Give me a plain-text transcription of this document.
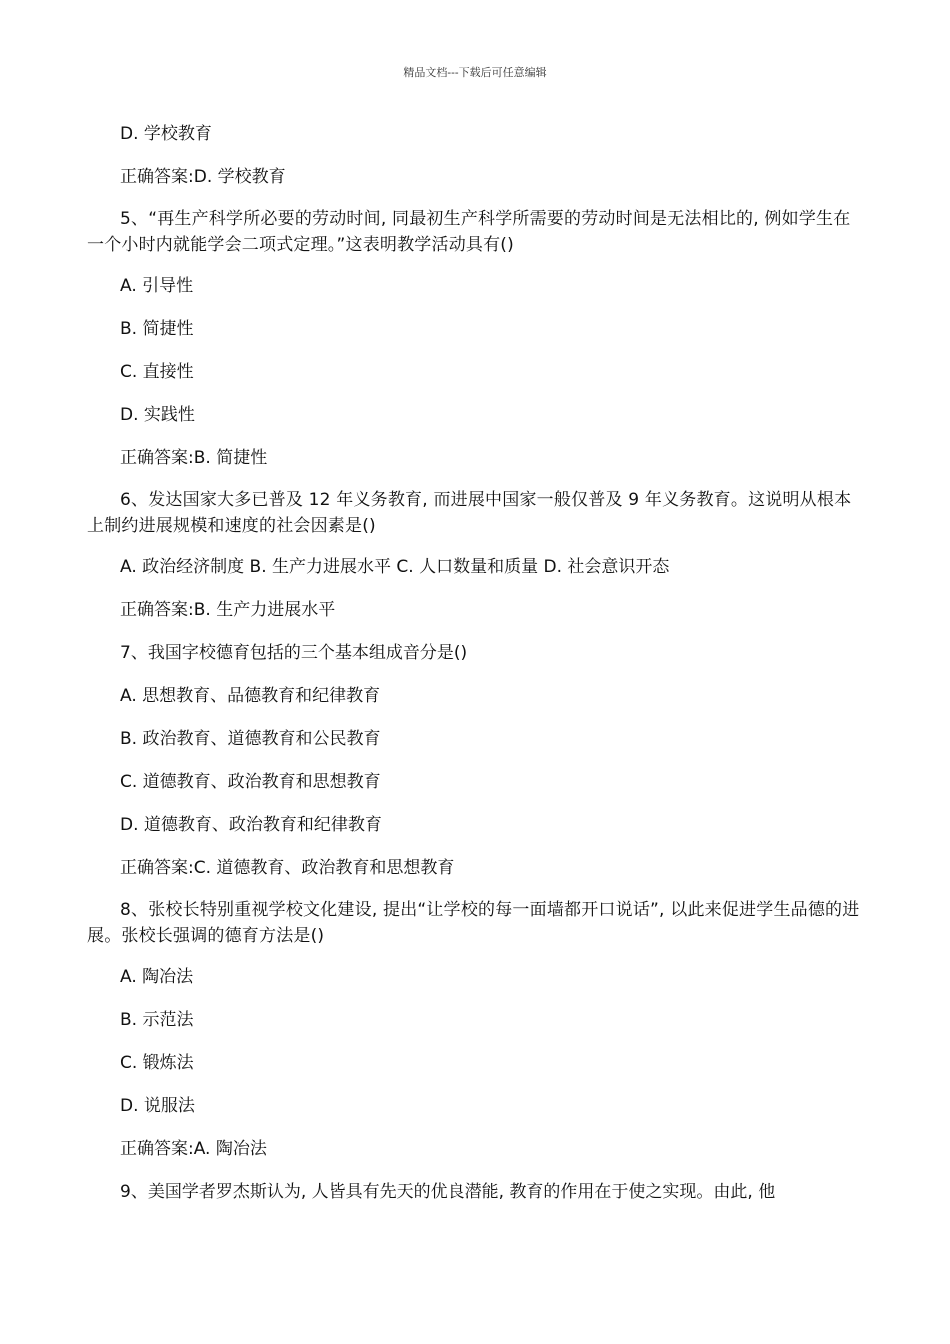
精品文档---下载后可任意编辑

D. 学校教育

正确答案:D. 学校教育

5、“再生产科学所必要的劳动时间, 同最初生产科学所需要的劳动时间是无法相比的, 例如学生在一个小时内就能学会二项式定理。”这表明教学活动具有()

A. 引导性

B. 简捷性

C. 直接性

D. 实践性

正确答案:B. 简捷性

6、发达国家大多已普及 12 年义务教育, 而进展中国家一般仅普及 9 年义务教育。这说明从根本上制约进展规模和速度的社会因素是()

A. 政治经济制度 B. 生产力进展水平 C. 人口数量和质量 D. 社会意识开态

正确答案:B. 生产力进展水平

7、我国字校德育包括的三个基本组成音分是()

A. 思想教育、品德教育和纪律教育

B. 政治教育、道德教育和公民教育

C. 道德教育、政治教育和思想教育

D. 道德教育、政治教育和纪律教育

正确答案:C. 道德教育、政治教育和思想教育

8、张校长特别重视学校文化建设, 提出“让学校的每一面墙都开口说话”, 以此来促进学生品德的进展。张校长强调的德育方法是()

A. 陶冶法

B. 示范法

C. 锻炼法

D. 说服法

正确答案:A. 陶冶法

9、美国学者罗杰斯认为, 人皆具有先天的优良潜能, 教育的作用在于使之实现。由此, 他
